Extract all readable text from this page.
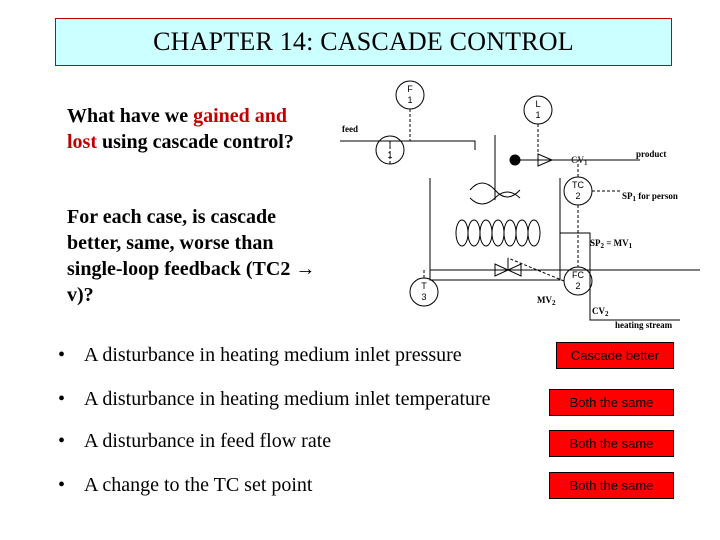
CHAPTER 14: CASCADE CONTROL
What have we gained and lost using cascade control?
For each case, is cascade better, same, worse than single-loop feedback (TC2 → v)?
F
1	L
1
T
1
TC
2
FC
2
T
3
feed
product
$CV_1$
$SP_1$ for person
$SP_2 = MV_1$
$MV_2$
$CV_2$
heating stream
• A disturbance in heating medium inlet pressure
• A disturbance in heating medium inlet temperature
• A disturbance in feed flow rate
• A change to the TC set point
Cascade better
Both the same
Both the same
Both the same
